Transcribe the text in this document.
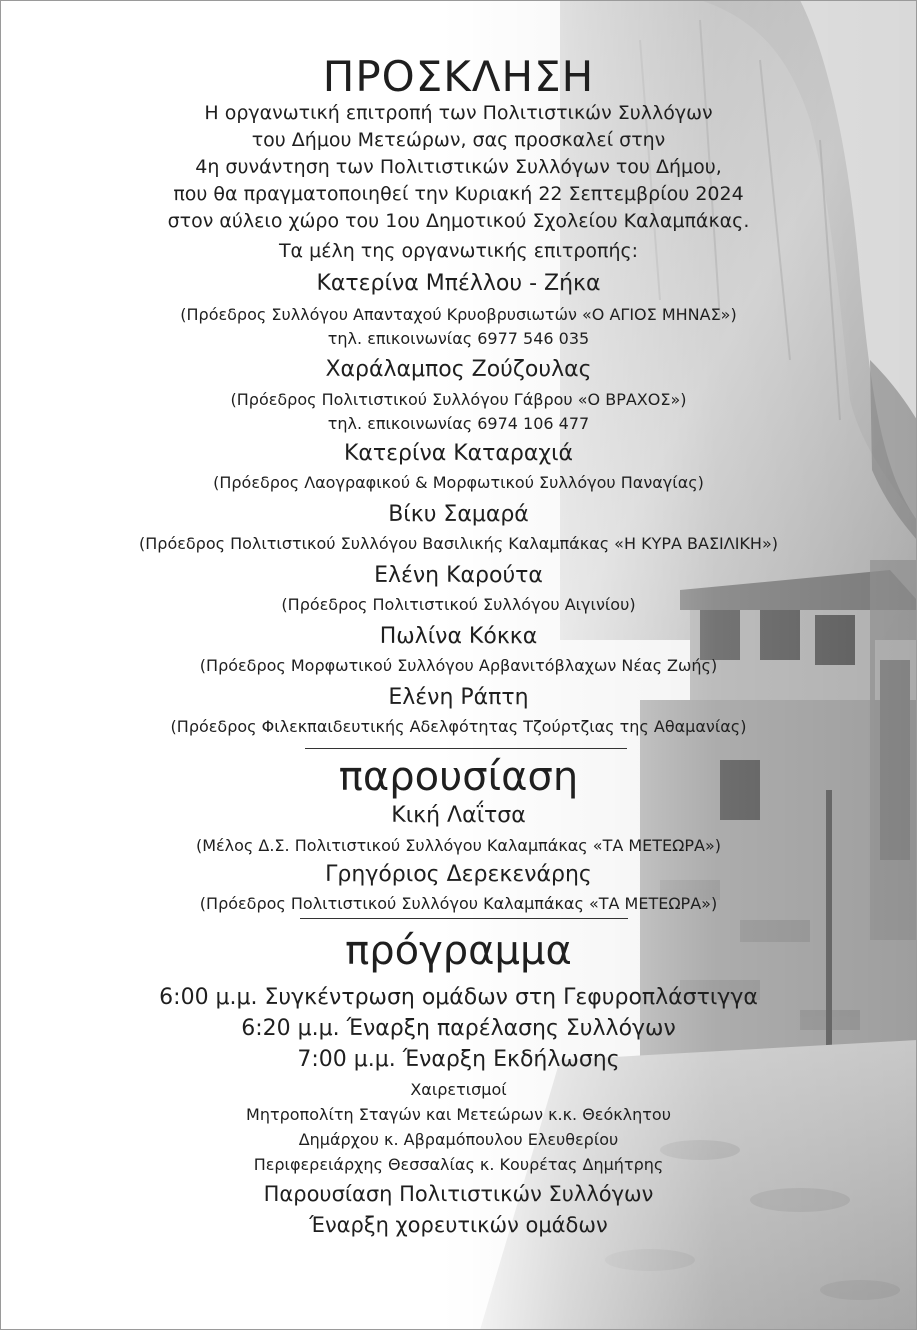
ΠΡΟΣΚΛΗΣΗ
Η οργανωτική επιτροπή των Πολιτιστικών Συλλόγων
του Δήμου Μετεώρων, σας προσκαλεί στην
4η συνάντηση των Πολιτιστικών Συλλόγων του Δήμου,
που θα πραγματοποιηθεί την Κυριακή 22 Σεπτεμβρίου 2024
στον αύλειο χώρο του 1ου Δημοτικού Σχολείου Καλαμπάκας.
Τα μέλη της οργανωτικής επιτροπής:
Κατερίνα Μπέλλου - Ζήκα
(Πρόεδρος Συλλόγου Απανταχού Κρυοβρυσιωτών «Ο ΑΓΙΟΣ ΜΗΝΑΣ»)
τηλ. επικοινωνίας 6977 546 035
Χαράλαμπος Ζούζουλας
(Πρόεδρος Πολιτιστικού Συλλόγου Γάβρου «Ο ΒΡΑΧΟΣ»)
τηλ. επικοινωνίας 6974 106 477
Κατερίνα Καταραχιά
(Πρόεδρος Λαογραφικού & Μορφωτικού Συλλόγου Παναγίας)
Βίκυ Σαμαρά
(Πρόεδρος Πολιτιστικού Συλλόγου Βασιλικής Καλαμπάκας «Η ΚΥΡΑ ΒΑΣΙΛΙΚΗ»)
Ελένη Καρούτα
(Πρόεδρος Πολιτιστικού Συλλόγου Αιγινίου)
Πωλίνα Κόκκα
(Πρόεδρος Μορφωτικού Συλλόγου Αρβανιτόβλαχων Νέας Ζωής)
Ελένη Ράπτη
(Πρόεδρος Φιλεκπαιδευτικής Αδελφότητας Τζούρτζιας της Αθαμανίας)
παρουσίαση
Κική Λαΐτσα
(Μέλος Δ.Σ. Πολιτιστικού Συλλόγου Καλαμπάκας «ΤΑ ΜΕΤΕΩΡΑ»)
Γρηγόριος Δερεκενάρης
(Πρόεδρος Πολιτιστικού Συλλόγου Καλαμπάκας «ΤΑ ΜΕΤΕΩΡΑ»)
πρόγραμμα
6:00 μ.μ. Συγκέντρωση ομάδων στη Γεφυροπλάστιγγα
6:20 μ.μ. Έναρξη παρέλασης Συλλόγων
7:00 μ.μ. Έναρξη Εκδήλωσης
Χαιρετισμοί
Μητροπολίτη Σταγών και Μετεώρων κ.κ. Θεόκλητου
Δημάρχου κ. Αβραμόπουλου Ελευθερίου
Περιφερειάρχης Θεσσαλίας κ. Κουρέτας Δημήτρης
Παρουσίαση Πολιτιστικών Συλλόγων
Έναρξη χορευτικών ομάδων
